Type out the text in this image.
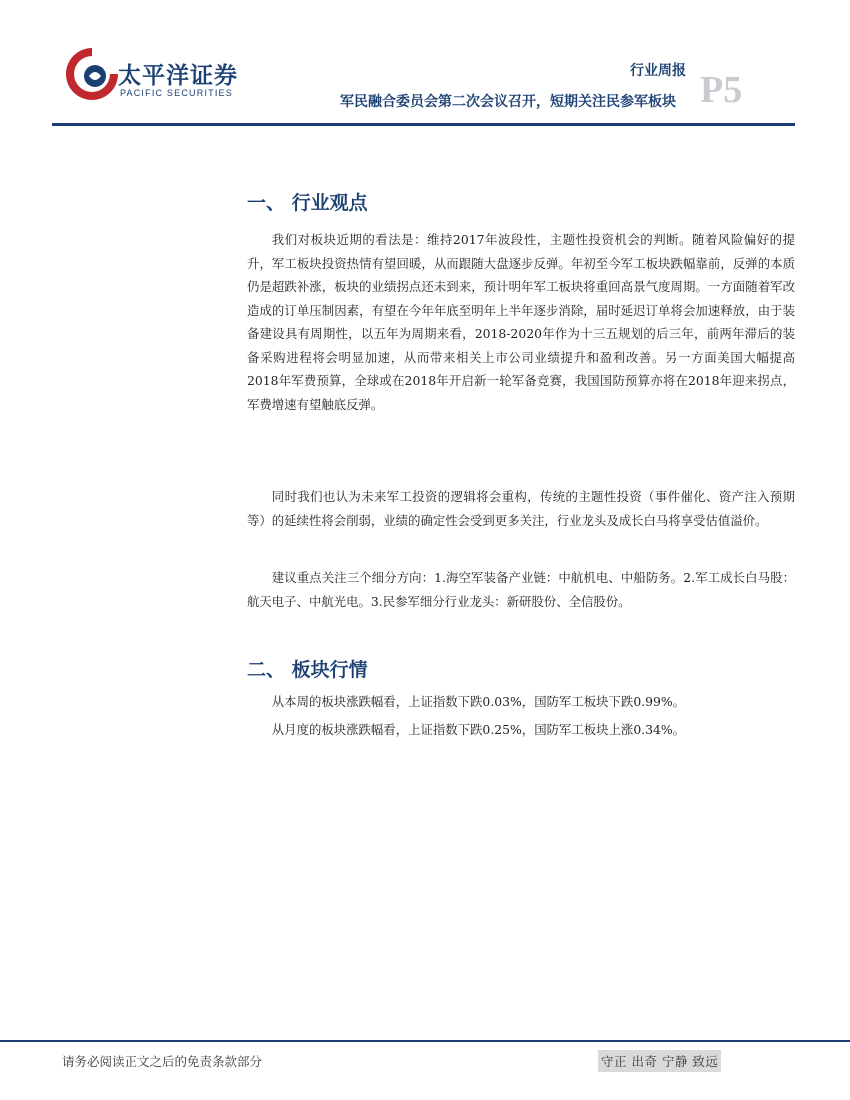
太平洋证券
PACIFIC SECURITIES
行业周报
军民融合委员会第二次会议召开，短期关注民参军板块 P5
一、 行业观点

我们对板块近期的看法是：维持2017年波段性，主题性投资机会的判断。随着风险偏好的提升，军工板块投资热情有望回暖，从而跟随大盘逐步反弹。年初至今军工板块跌幅靠前，反弹的本质仍是超跌补涨，板块的业绩拐点还未到来，预计明年军工板块将重回高景气度周期。一方面随着军改造成的订单压制因素，有望在今年年底至明年上半年逐步消除，届时延迟订单将会加速释放，由于装备建设具有周期性，以五年为周期来看，2018-2020年作为十三五规划的后三年，前两年滞后的装备采购进程将会明显加速，从而带来相关上市公司业绩提升和盈利改善。另一方面美国大幅提高2018年军费预算，全球或在2018年开启新一轮军备竞赛，我国国防预算亦将在2018年迎来拐点，军费增速有望触底反弹。

同时我们也认为未来军工投资的逻辑将会重构，传统的主题性投资（事件催化、资产注入预期等）的延续性将会削弱，业绩的确定性会受到更多关注，行业龙头及成长白马将享受估值溢价。

建议重点关注三个细分方向：1.海空军装备产业链：中航机电、中船防务。2.军工成长白马股：航天电子、中航光电。3.民参军细分行业龙头：新研股份、全信股份。

二、 板块行情

从本周的板块涨跌幅看，上证指数下跌0.03%，国防军工板块下跌0.99%。

从月度的板块涨跌幅看，上证指数下跌0.25%，国防军工板块上涨0.34%。

请务必阅读正文之后的免责条款部分	守正 出奇 宁静 致远
